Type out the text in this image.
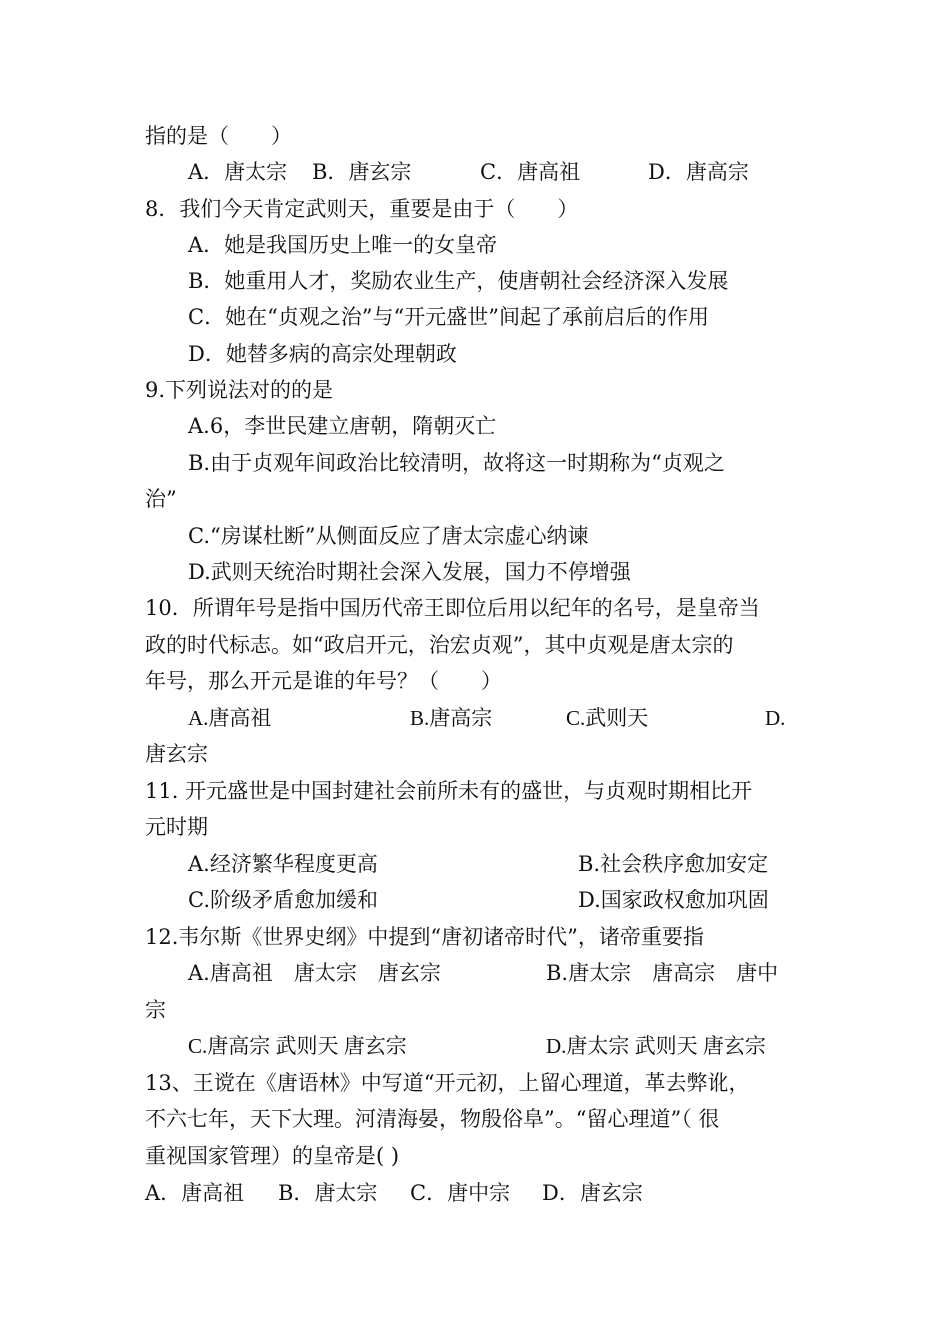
指的是（　　）

A．唐太宗 B．唐玄宗	C．唐高祖	D．唐高宗

8．我们今天肯定武则天，重要是由于（　　）

A．她是我国历史上唯一的女皇帝

B．她重用人才，奖励农业生产，使唐朝社会经济深入发展

C．她在“贞观之治”与“开元盛世”间起了承前启后的作用

D．她替多病的高宗处理朝政

9.下列说法对的的是

A.6，李世民建立唐朝，隋朝灭亡

B.由于贞观年间政治比较清明，故将这一时期称为“贞观之

治”

C.“房谋杜断”从侧面反应了唐太宗虚心纳谏

D.武则天统治时期社会深入发展，国力不停增强

10．所谓年号是指中国历代帝王即位后用以纪年的名号，是皇帝当

政的时代标志。如“政启开元，治宏贞观”，其中贞观是唐太宗的

年号，那么开元是谁的年号？（　　）

A.唐高祖	B.唐高宗	C.武则天	D.

唐玄宗

11. 开元盛世是中国封建社会前所未有的盛世，与贞观时期相比开

元时期

A.经济繁华程度更高	B.社会秩序愈加安定

C.阶级矛盾愈加缓和	D.国家政权愈加巩固

12.韦尔斯《世界史纲》中提到“唐初诸帝时代”，诸帝重要指

A.唐高祖　唐太宗　唐玄宗	B.唐太宗　唐高宗　唐中

宗

C.唐高宗 武则天 唐玄宗	D.唐太宗 武则天 唐玄宗

13、王谠在《唐语林》中写道“开元初，上留心理道，革去弊讹，

不六七年，天下大理。河清海晏，物殷俗阜”。“留心理道”（ 很

重视国家管理）的皇帝是( )

A．唐高祖 B．唐太宗 C．唐中宗 D．唐玄宗
